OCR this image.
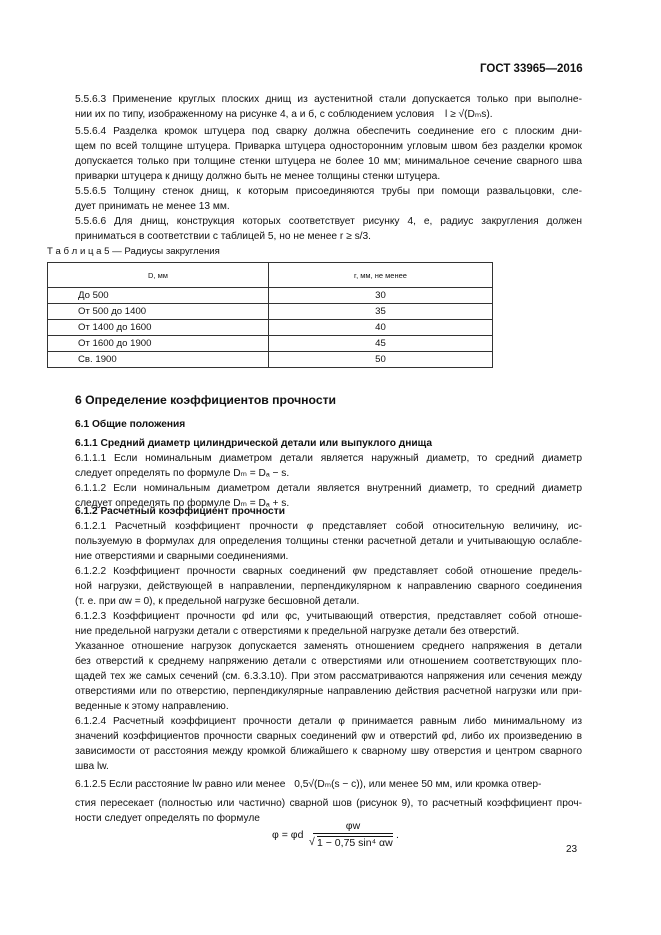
ГОСТ 33965—2016
5.5.6.3 Применение круглых плоских днищ из аустенитной стали допускается только при выполне-
нии их по типу, изображенному на рисунке 4, а и б, с соблюдением условия l ≥ √(Dₘs).
5.5.6.4 Разделка кромок штуцера под сварку должна обеспечить соединение его с плоским дни-
щем по всей толщине штуцера. Приварка штуцера односторонним угловым швом без разделки кромок
допускается только при толщине стенки штуцера не более 10 мм; минимальное сечение сварного шва
приварки штуцера к днищу должно быть не менее толщины стенки штуцера.
5.5.6.5 Толщину стенок днищ, к которым присоединяются трубы при помощи развальцовки, сле-
дует принимать не менее 13 мм.
5.5.6.6 Для днищ, конструкция которых соответствует рисунку 4, е, радиус закругления должен
приниматься в соответствии с таблицей 5, но не менее r ≥ s/3.
Т а б л и ц а 5 — Радиусы закругления
D, мм	r, мм, не менее
До 500	30
От 500 до 1400	35
От 1400 до 1600	40
От 1600 до 1900	45
Св. 1900	50
6 Определение коэффициентов прочности
6.1 Общие положения
6.1.1 Средний диаметр цилиндрической детали или выпуклого днища
6.1.1.1 Если номинальным диаметром детали является наружный диаметр, то средний диаметр
следует определять по формуле Dₘ = Dₐ − s.
6.1.1.2 Если номинальным диаметром детали является внутренний диаметр, то средний диаметр
следует определять по формуле Dₘ = Dₐ + s.
6.1.2 Расчетный коэффициент прочности
6.1.2.1 Расчетный коэффициент прочности φ представляет собой относительную величину, ис-
пользуемую в формулах для определения толщины стенки расчетной детали и учитывающую ослабле-
ние отверстиями и сварными соединениями.
6.1.2.2 Коэффициент прочности сварных соединений φw представляет собой отношение предель-
ной нагрузки, действующей в направлении, перпендикулярном к направлению сварного соединения
(т. е. при αw = 0), к предельной нагрузке бесшовной детали.
6.1.2.3 Коэффициент прочности φd или φc, учитывающий отверстия, представляет собой отноше-
ние предельной нагрузки детали с отверстиями к предельной нагрузке детали без отверстий.
Указанное отношение нагрузок допускается заменять отношением среднего напряжения в детали
без отверстий к среднему напряжению детали с отверстиями или отношением соответствующих пло-
щадей тех же самых сечений (см. 6.3.3.10). При этом рассматриваются напряжения или сечения между
отверстиями или по отверстию, перпендикулярные направлению действия расчетной нагрузки или при-
веденные к этому направлению.
6.1.2.4 Расчетный коэффициент прочности детали φ принимается равным либо минимальному из
значений коэффициентов прочности сварных соединений φw и отверстий φd, либо их произведению в
зависимости от расстояния между кромкой ближайшего к сварному шву отверстия и центром сварного
шва lw.
6.1.2.5 Если расстояние lw равно или менее 0,5√(Dₘ(s − c)), или менее 50 мм, или кромка отвер-
стия пересекает (полностью или частично) сварной шов (рисунок 9), то расчетный коэффициент проч-
ности следует определять по формуле
φ = φd
φw
√ 1 − 0,75 sin⁴ αw
.
23
